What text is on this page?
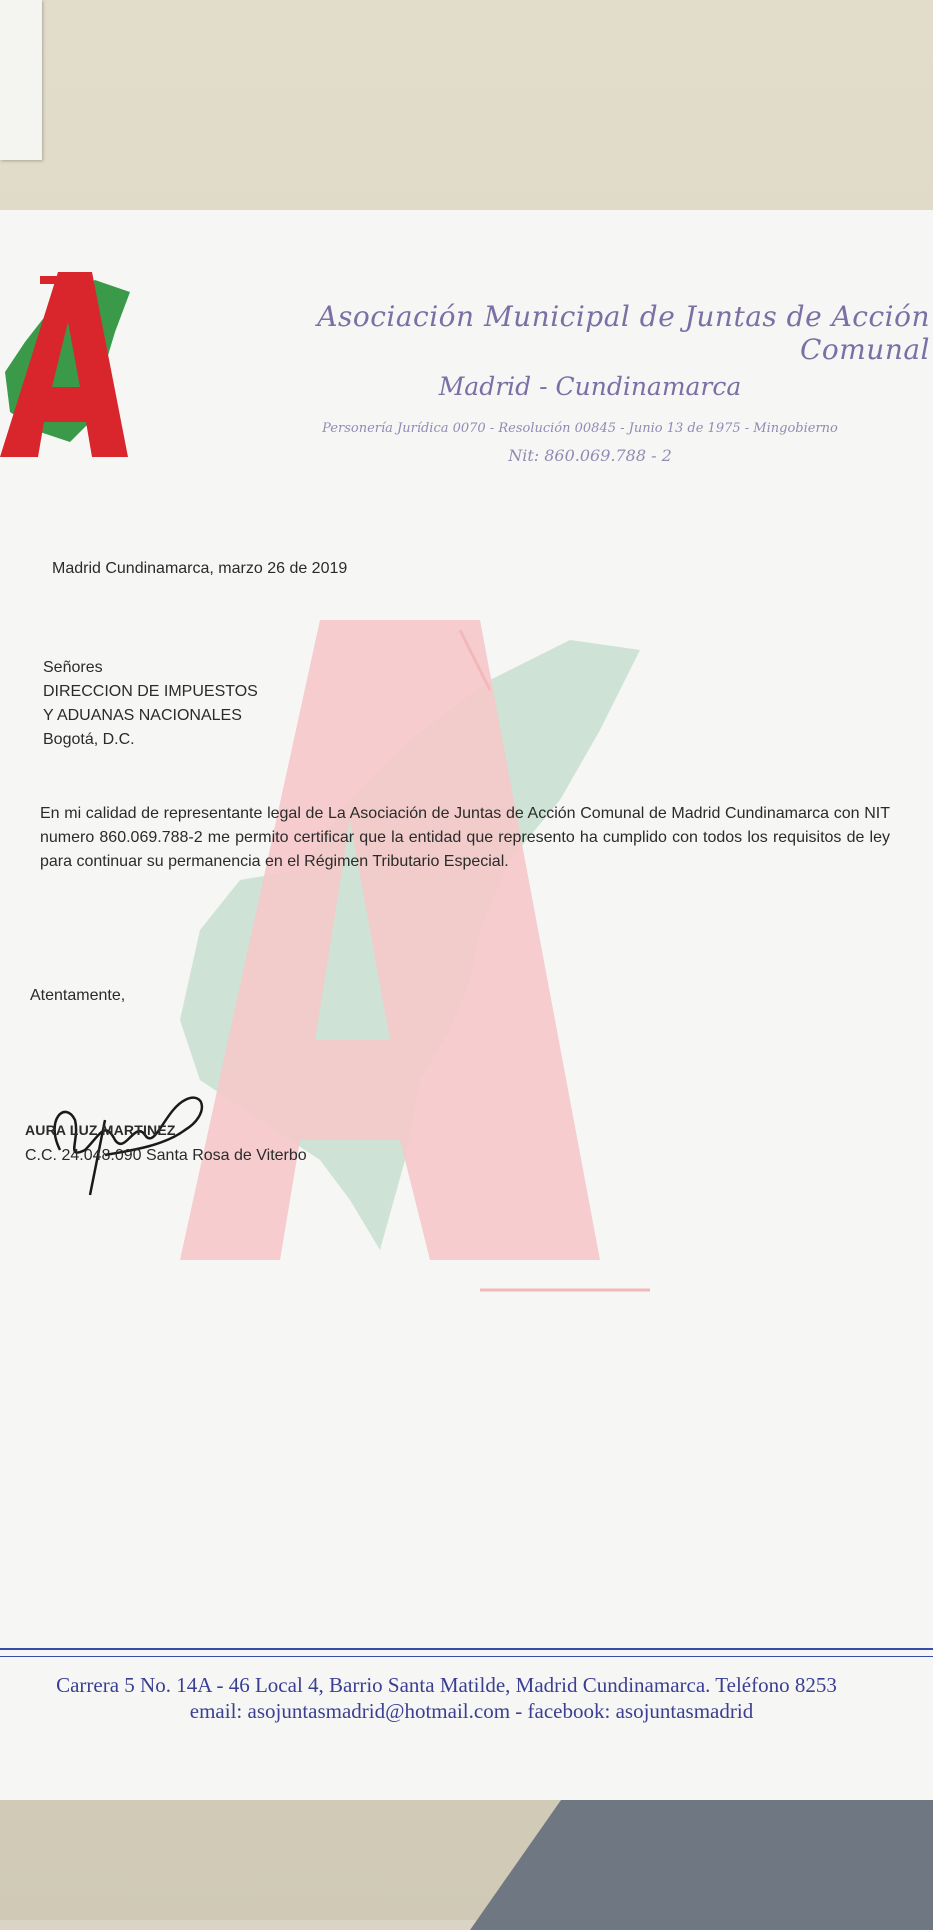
Asociación Municipal de Juntas de Acción Comunal

Madrid - Cundinamarca

Personería Jurídica 0070 - Resolución 00845 - Junio 13 de 1975 - Mingobierno

Nit: 860.069.788 - 2

Madrid Cundinamarca, marzo 26 de 2019
Señores
DIRECCION DE IMPUESTOS
Y ADUANAS NACIONALES
Bogotá, D.C.
En mi calidad de representante legal de La Asociación de Juntas de Acción Comunal de Madrid Cundinamarca con NIT numero 860.069.788-2 me permito certificar que la entidad que represento ha cumplido con todos los requisitos de ley para continuar su permanencia en el Régimen Tributario Especial.
Atentamente,
AURA LUZ MARTINEZ
C.C. 24.048.090 Santa Rosa de Viterbo
Carrera 5 No. 14A - 46 Local 4, Barrio Santa Matilde, Madrid Cundinamarca. Teléfono 8253
email: asojuntasmadrid@hotmail.com - facebook: asojuntasmadrid
